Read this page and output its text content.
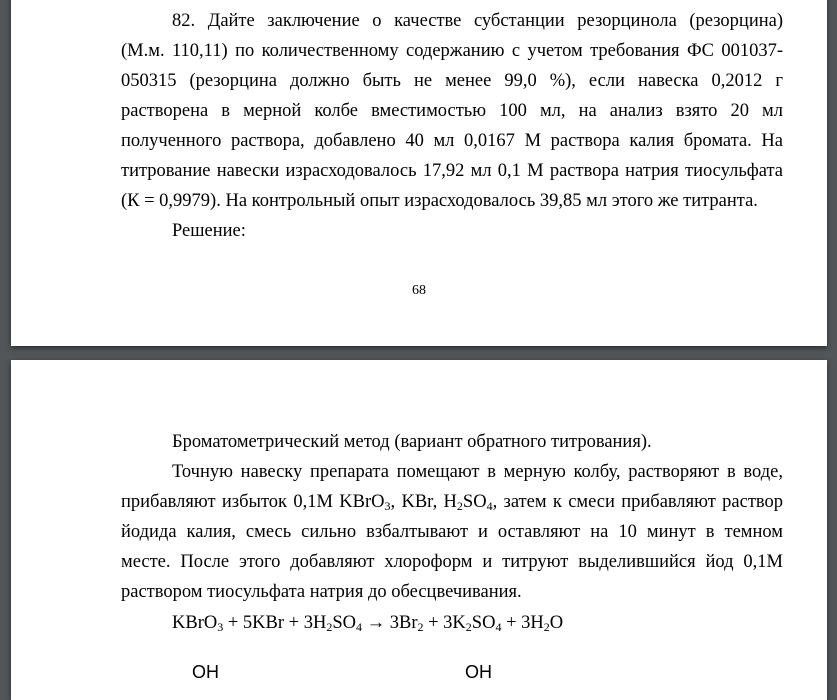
82. Дайте заключение о качестве субстанции резорцинола (резорцина)
(М.м. 110,11) по количественному содержанию с учетом требования ФС 001037-
050315 (резорцина должно быть не менее 99,0 %), если навеска 0,2012 г
растворена в мерной колбе вместимостью 100 мл, на анализ взято 20 мл
полученного раствора, добавлено 40 мл 0,0167 М раствора калия бромата. На
титрование навески израсходовалось 17,92 мл 0,1 М раствора натрия тиосульфата
(К = 0,9979). На контрольный опыт израсходовалось 39,85 мл этого же титранта.
Решение:
68
Броматометрический метод (вариант обратного титрования).
Точную навеску препарата помещают в мерную колбу, растворяют в воде,
прибавляют избыток 0,1М KBrO$_3$, KBr, $H_2SO_4$, затем к смеси прибавляют раствор
йодида калия, смесь сильно взбалтывают и оставляют на 10 минут в темном
месте. После этого добавляют хлороформ и титруют выделившийся йод 0,1М
раствором тиосульфата натрия до обесцвечивания.
KBrO$_3$ + $5KBr + 3H_2SO_4 \to 3Br_2 + 3K_2SO_4 + 3H_2O$
OH	OH
